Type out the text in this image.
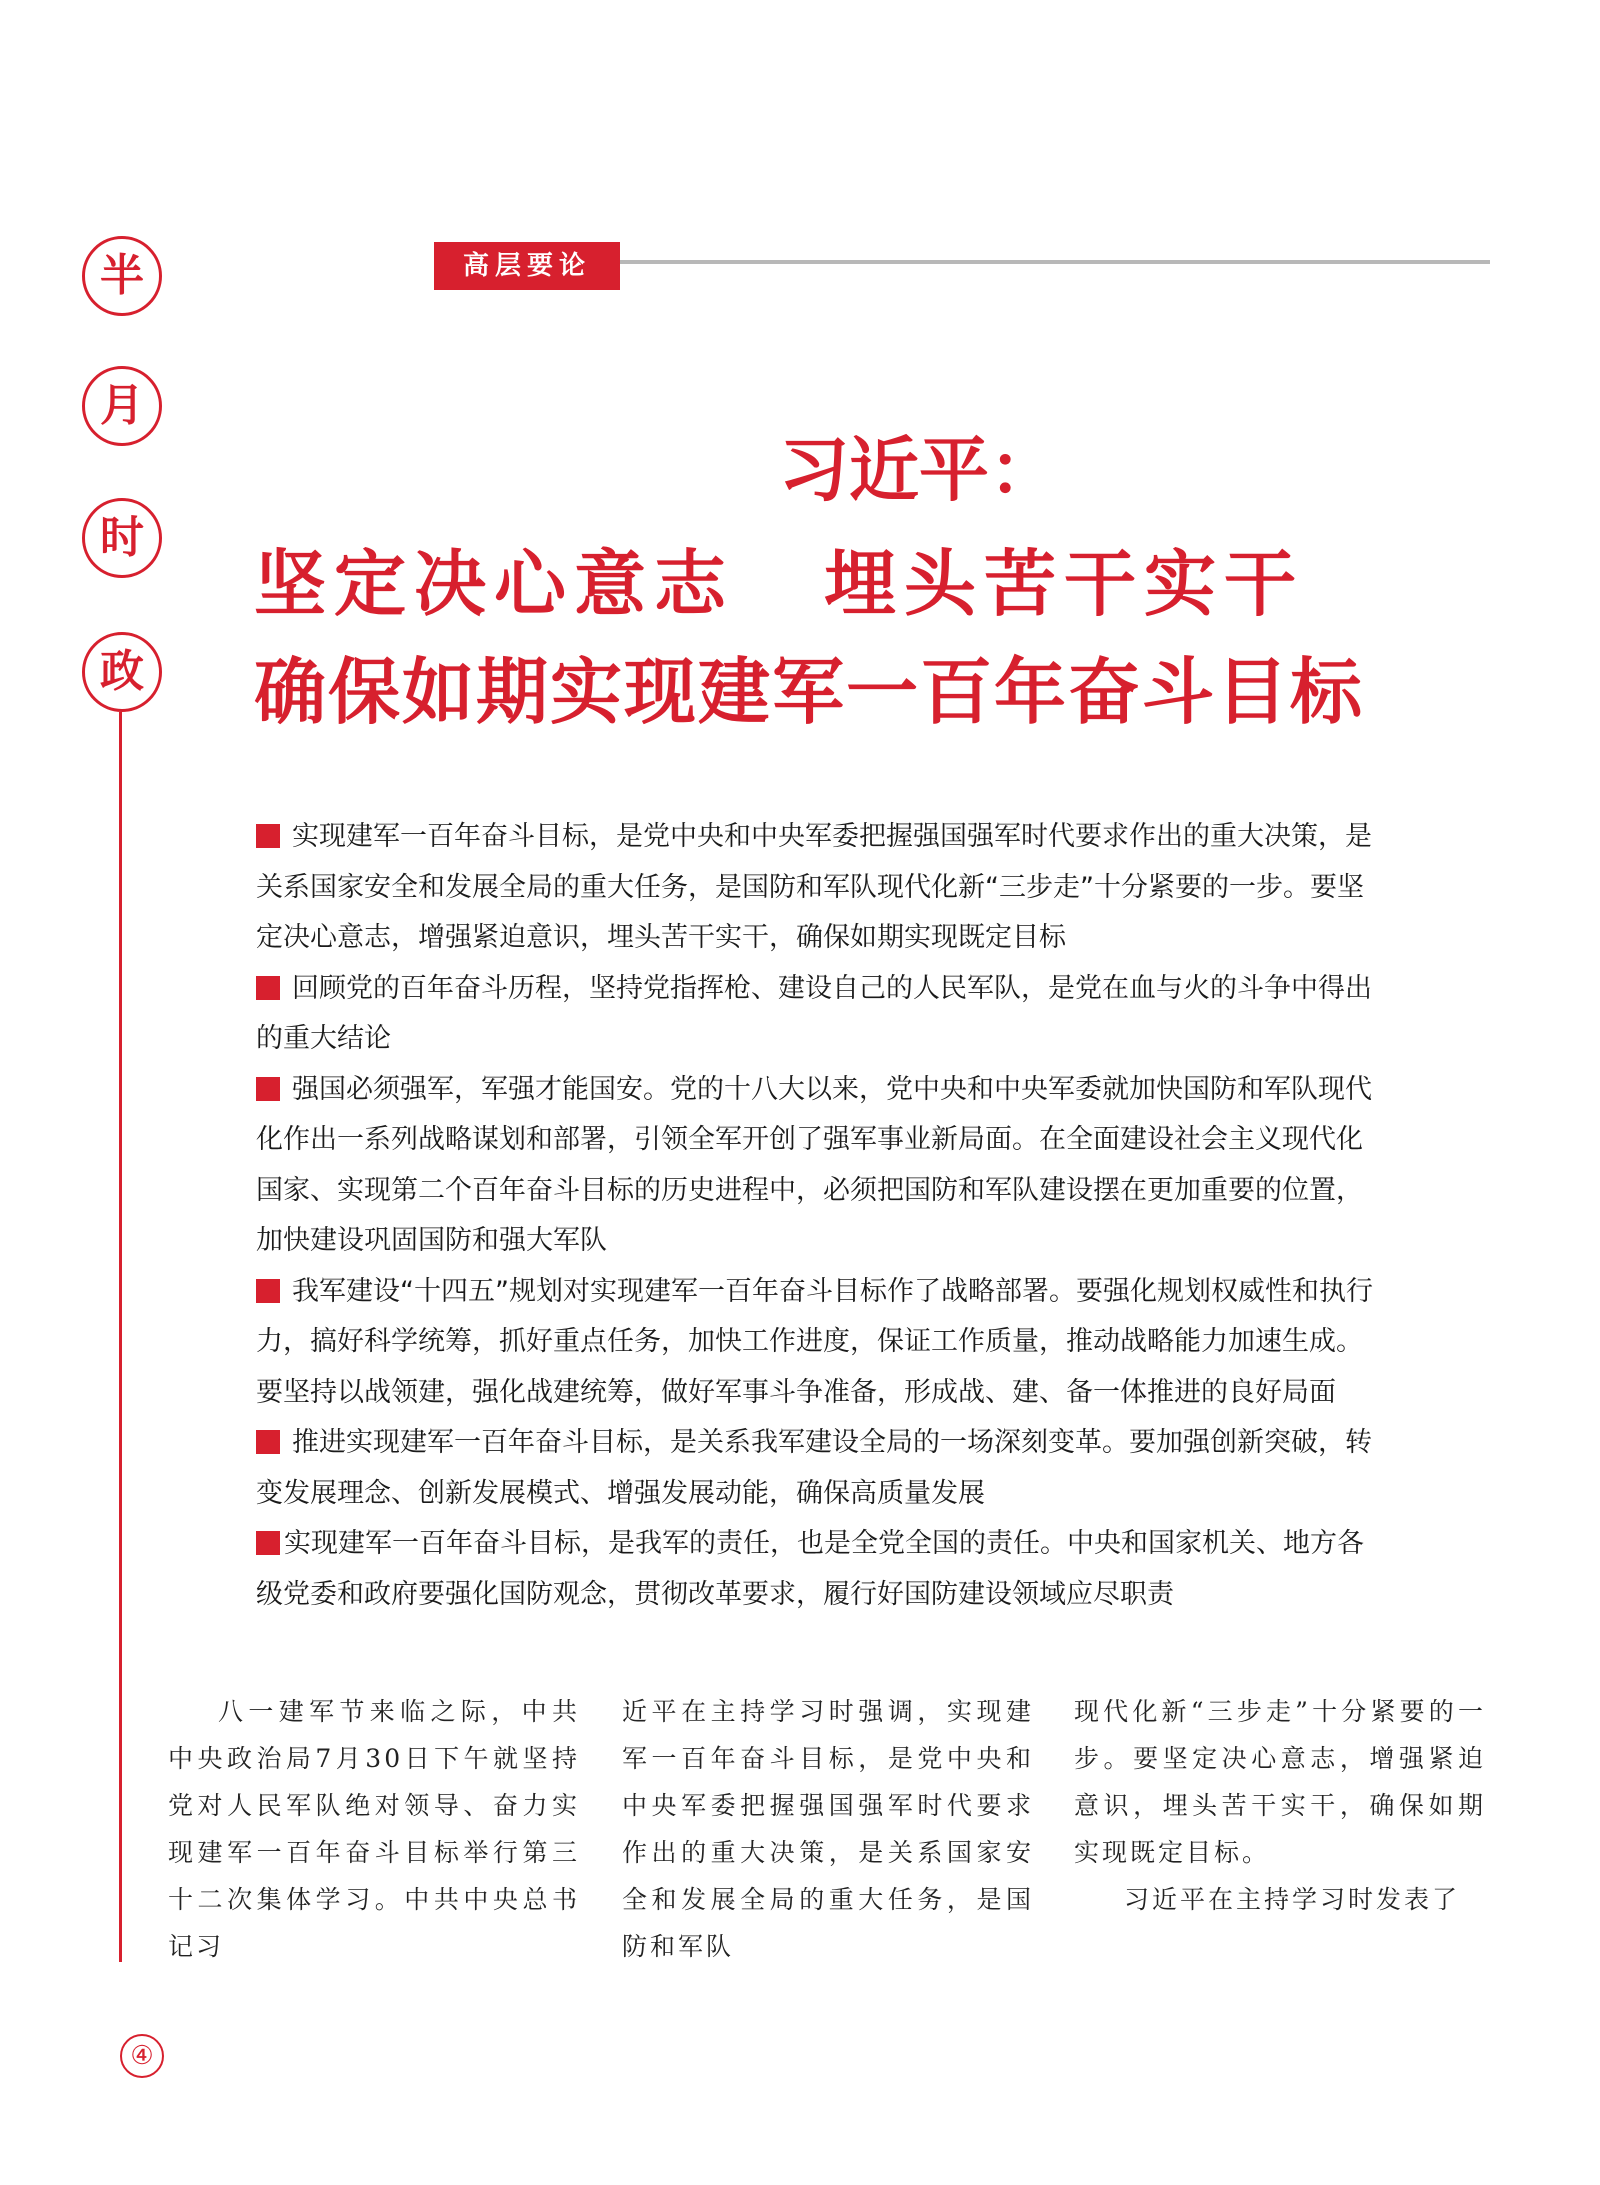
半
月
时
政
④
高层要论
习近平：
坚定决心意志 埋头苦干实干
确保如期实现建军一百年奋斗目标

实现建军一百年奋斗目标，是党中央和中央军委把握强国强军时代要求作出的重大决策，是关系国家安全和发展全局的重大任务，是国防和军队现代化新“三步走”十分紧要的一步。要坚定决心意志，增强紧迫意识，埋头苦干实干，确保如期实现既定目标

回顾党的百年奋斗历程，坚持党指挥枪、建设自己的人民军队，是党在血与火的斗争中得出的重大结论

强国必须强军，军强才能国安。党的十八大以来，党中央和中央军委就加快国防和军队现代化作出一系列战略谋划和部署，引领全军开创了强军事业新局面。在全面建设社会主义现代化国家、实现第二个百年奋斗目标的历史进程中，必须把国防和军队建设摆在更加重要的位置，加快建设巩固国防和强大军队

我军建设“十四五”规划对实现建军一百年奋斗目标作了战略部署。要强化规划权威性和执行力，搞好科学统筹，抓好重点任务，加快工作进度，保证工作质量，推动战略能力加速生成。要坚持以战领建，强化战建统筹，做好军事斗争准备，形成战、建、备一体推进的良好局面

推进实现建军一百年奋斗目标，是关系我军建设全局的一场深刻变革。要加强创新突破，转变发展理念、创新发展模式、增强发展动能，确保高质量发展

实现建军一百年奋斗目标，是我军的责任，也是全党全国的责任。中央和国家机关、地方各级党委和政府要强化国防观念，贯彻改革要求，履行好国防建设领域应尽职责

八一建军节来临之际，中共中央政治局7月30日下午就坚持党对人民军队绝对领导、奋力实现建军一百年奋斗目标举行第三十二次集体学习。中共中央总书记习

近平在主持学习时强调，实现建军一百年奋斗目标，是党中央和中央军委把握强国强军时代要求作出的重大决策，是关系国家安全和发展全局的重大任务，是国防和军队

现代化新“三步走”十分紧要的一步。要坚定决心意志，增强紧迫意识，埋头苦干实干，确保如期实现既定目标。

习近平在主持学习时发表了
